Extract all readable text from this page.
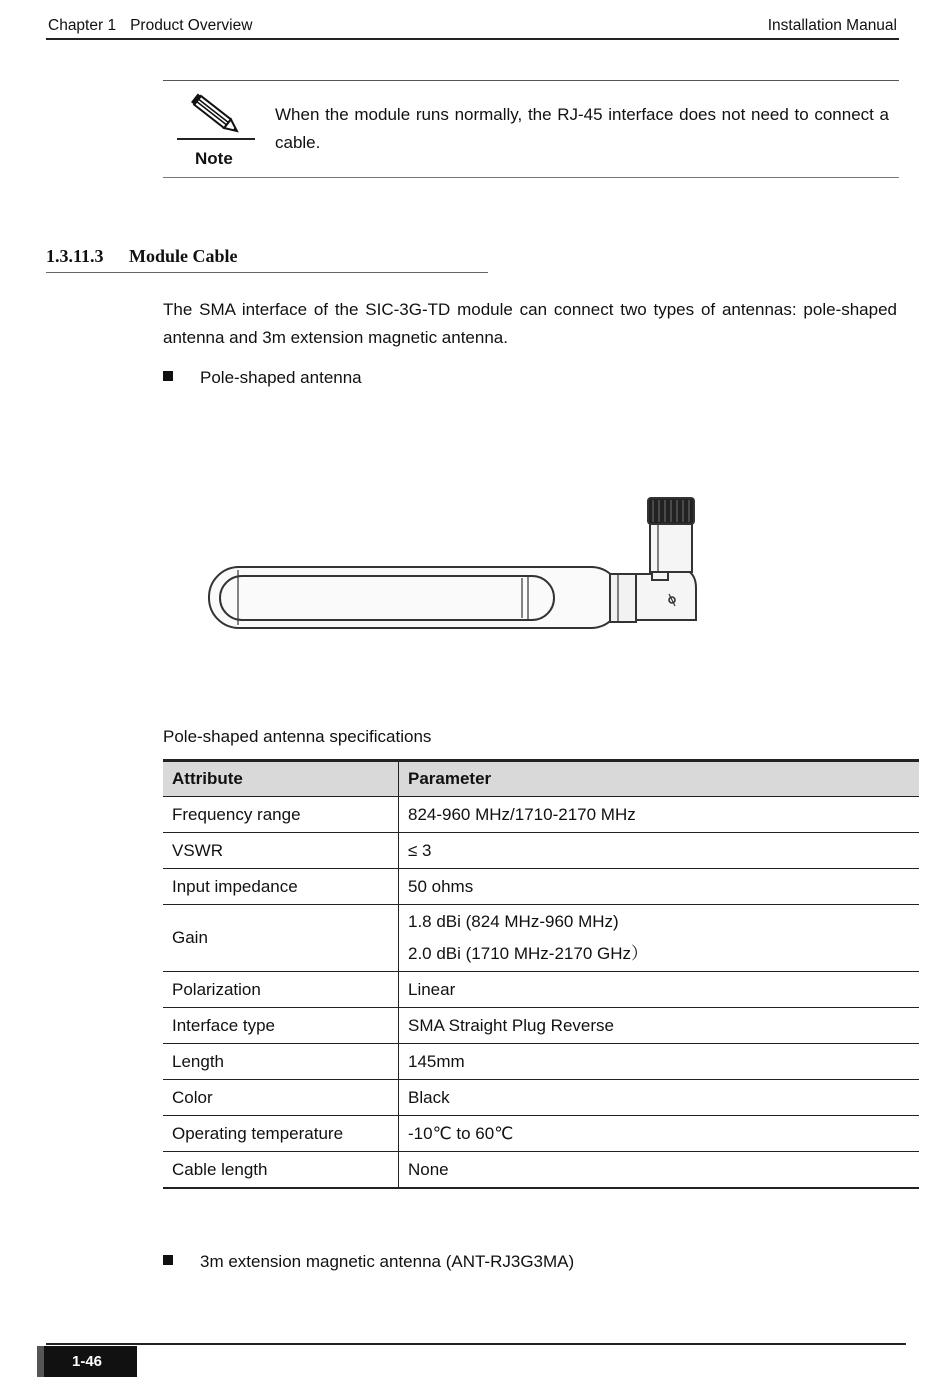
Chapter 1 Product Overview	Installation Manual
Note
When the module runs normally, the RJ-45 interface does not need to connect a cable.
1.3.11.3 Module Cable
The SMA interface of the SIC-3G-TD module can connect two types of antennas: pole-shaped antenna and 3m extension magnetic antenna.
Pole-shaped antenna
Pole-shaped antenna specifications
Attribute	Parameter
Frequency range	824-960 MHz/1710-2170 MHz
VSWR	≤ 3
Input impedance	50 ohms
Gain	1.8 dBi (824 MHz-960 MHz)
2.0 dBi (1710 MHz-2170 GHz）

Polarization	Linear
Interface type	SMA Straight Plug Reverse
Length	145mm
Color	Black
Operating temperature	-10℃ to 60℃
Cable length	None
3m extension magnetic antenna (ANT-RJ3G3MA)
1-46
